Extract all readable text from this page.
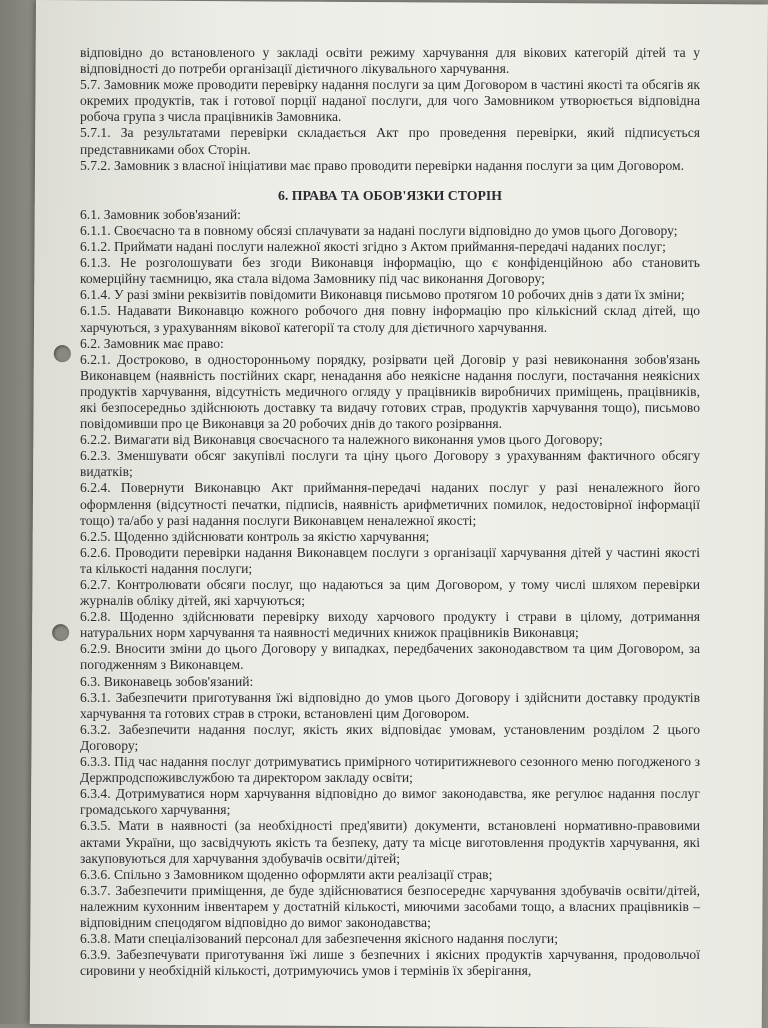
відповідно до встановленого у закладі освіти режиму харчування для вікових категорій дітей та у відповідності до потреби організації дієтичного лікувального харчування.

5.7. Замовник може проводити перевірку надання послуги за цим Договором в частині якості та обсягів як окремих продуктів, так і готової порції наданої послуги, для чого Замовником утворюється відповідна робоча група з числа працівників Замовника.

5.7.1. За результатами перевірки складається Акт про проведення перевірки, який підписується представниками обох Сторін.

5.7.2. Замовник з власної ініціативи має право проводити перевірки надання послуги за цим Договором.

6. ПРАВА ТА ОБОВ'ЯЗКИ СТОРІН

6.1. Замовник зобов'язаний:

6.1.1. Своєчасно та в повному обсязі сплачувати за надані послуги відповідно до умов цього Договору;

6.1.2. Приймати надані послуги належної якості згідно з Актом приймання-передачі наданих послуг;

6.1.3. Не розголошувати без згоди Виконавця інформацію, що є конфіденційною або становить комерційну таємницю, яка стала відома Замовнику під час виконання Договору;

6.1.4. У разі зміни реквізитів повідомити Виконавця письмово протягом 10 робочих днів з дати їх зміни;

6.1.5. Надавати Виконавцю кожного робочого дня повну інформацію про кількісний склад дітей, що харчуються, з урахуванням вікової категорії та столу для дієтичного харчування.

6.2. Замовник має право:

6.2.1. Достроково, в односторонньому порядку, розірвати цей Договір у разі невиконання зобов'язань Виконавцем (наявність постійних скарг, ненадання або неякісне надання послуги, постачання неякісних продуктів харчування, відсутність медичного огляду у працівників виробничих приміщень, працівників, які безпосередньо здійснюють доставку та видачу готових страв, продуктів харчування тощо), письмово повідомивши про це Виконавця за 20 робочих днів до такого розірвання.

6.2.2. Вимагати від Виконавця своєчасного та належного виконання умов цього Договору;

6.2.3. Зменшувати обсяг закупівлі послуги та ціну цього Договору з урахуванням фактичного обсягу видатків;

6.2.4. Повернути Виконавцю Акт приймання-передачі наданих послуг у разі неналежного його оформлення (відсутності печатки, підписів, наявність арифметичних помилок, недостовірної інформації тощо) та/або у разі надання послуги Виконавцем неналежної якості;

6.2.5. Щоденно здійснювати контроль за якістю харчування;

6.2.6. Проводити перевірки надання Виконавцем послуги з організації харчування дітей у частині якості та кількості надання послуги;

6.2.7. Контролювати обсяги послуг, що надаються за цим Договором, у тому числі шляхом перевірки журналів обліку дітей, які харчуються;

6.2.8. Щоденно здійснювати перевірку виходу харчового продукту і страви в цілому, дотримання натуральних норм харчування та наявності медичних книжок працівників Виконавця;

6.2.9. Вносити зміни до цього Договору у випадках, передбачених законодавством та цим Договором, за погодженням з Виконавцем.

6.3. Виконавець зобов'язаний:

6.3.1. Забезпечити приготування їжі відповідно до умов цього Договору і здійснити доставку продуктів харчування та готових страв в строки, встановлені цим Договором.

6.3.2. Забезпечити надання послуг, якість яких відповідає умовам, установленим розділом 2 цього Договору;

6.3.3. Під час надання послуг дотримуватись примірного чотиритижневого сезонного меню погодженого з Держпродспоживслужбою та директором закладу освіти;

6.3.4. Дотримуватися норм харчування відповідно до вимог законодавства, яке регулює надання послуг громадського харчування;

6.3.5. Мати в наявності (за необхідності пред'явити) документи, встановлені нормативно-правовими актами України, що засвідчують якість та безпеку, дату та місце виготовлення продуктів харчування, які закуповуються для харчування здобувачів освіти/дітей;

6.3.6. Спільно з Замовником щоденно оформляти акти реалізації страв;

6.3.7. Забезпечити приміщення, де буде здійснюватися безпосереднє харчування здобувачів освіти/дітей, належним кухонним інвентарем у достатній кількості, миючими засобами тощо, а власних працівників – відповідним спецодягом відповідно до вимог законодавства;

6.3.8. Мати спеціалізований персонал для забезпечення якісного надання послуги;

6.3.9. Забезпечувати приготування їжі лише з безпечних і якісних продуктів харчування, продовольчої сировини у необхідній кількості, дотримуючись умов і термінів їх зберігання,
